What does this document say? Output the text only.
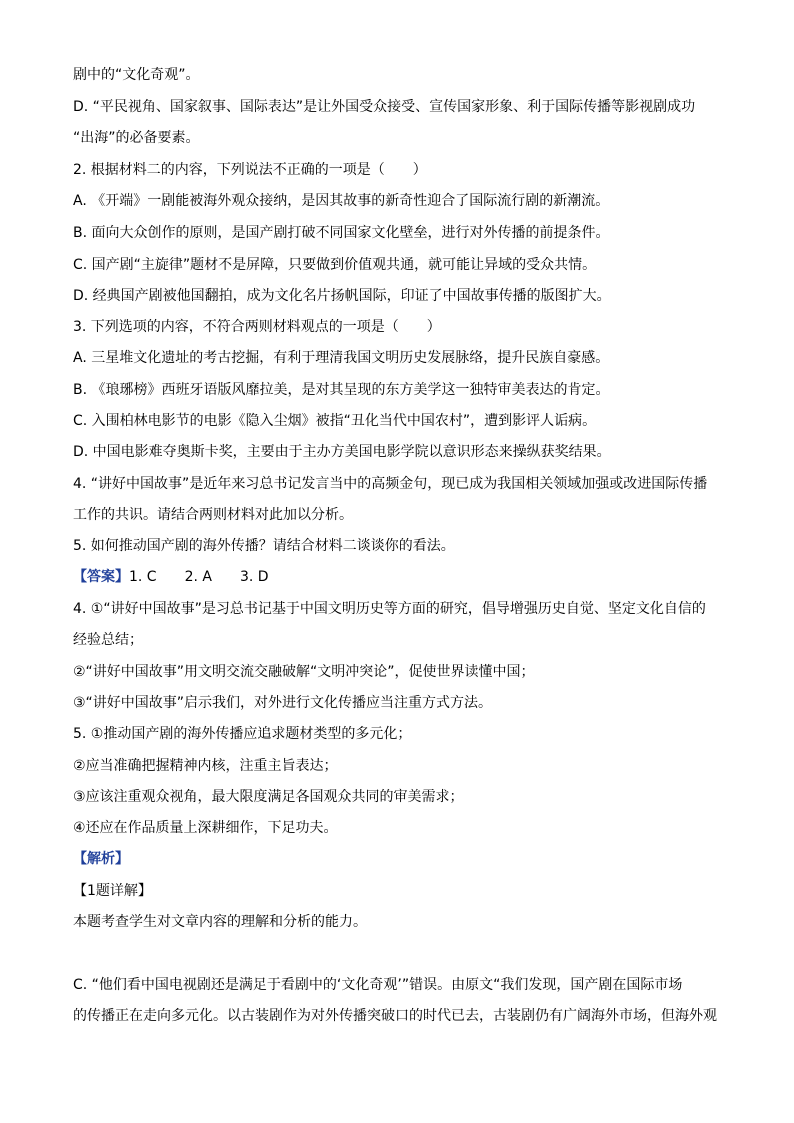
剧中的“文化奇观”。
D. “平民视角、国家叙事、国际表达”是让外国受众接受、宣传国家形象、利于国际传播等影视剧成功
“出海”的必备要素。
2. 根据材料二的内容，下列说法不正确的一项是（　　）
A. 《开端》一剧能被海外观众接纳，是因其故事的新奇性迎合了国际流行剧的新潮流。
B. 面向大众创作的原则，是国产剧打破不同国家文化壁垒，进行对外传播的前提条件。
C. 国产剧“主旋律”题材不是屏障，只要做到价值观共通，就可能让异域的受众共情。
D. 经典国产剧被他国翻拍，成为文化名片扬帆国际，印证了中国故事传播的版图扩大。
3. 下列选项的内容，不符合两则材料观点的一项是（　　）
A. 三星堆文化遗址的考古挖掘，有利于理清我国文明历史发展脉络，提升民族自豪感。
B. 《琅琊榜》西班牙语版风靡拉美，是对其呈现的东方美学这一独特审美表达的肯定。
C. 入围柏林电影节的电影《隐入尘烟》被指“丑化当代中国农村”，遭到影评人诟病。
D. 中国电影难夺奥斯卡奖，主要由于主办方美国电影学院以意识形态来操纵获奖结果。
4. “讲好中国故事”是近年来习总书记发言当中的高频金句，现已成为我国相关领域加强或改进国际传播
工作的共识。请结合两则材料对此加以分析。
5. 如何推动国产剧的海外传播？请结合材料二谈谈你的看法。
【答案】1. C　　2. A　　3. D
4. ①“讲好中国故事”是习总书记基于中国文明历史等方面的研究，倡导增强历史自觉、坚定文化自信的
经验总结；
②“讲好中国故事”用文明交流交融破解“文明冲突论”，促使世界读懂中国；
③“讲好中国故事”启示我们，对外进行文化传播应当注重方式方法。
5. ①推动国产剧的海外传播应追求题材类型的多元化；
②应当准确把握精神内核，注重主旨表达；
③应该注重观众视角，最大限度满足各国观众共同的审美需求；
④还应在作品质量上深耕细作，下足功夫。
【解析】
【1题详解】
本题考查学生对文章内容的理解和分析的能力。
C. “他们看中国电视剧还是满足于看剧中的‘文化奇观’”错误。由原文“我们发现，国产剧在国际市场
的传播正在走向多元化。以古装剧作为对外传播突破口的时代已去，古装剧仍有广阔海外市场，但海外观
